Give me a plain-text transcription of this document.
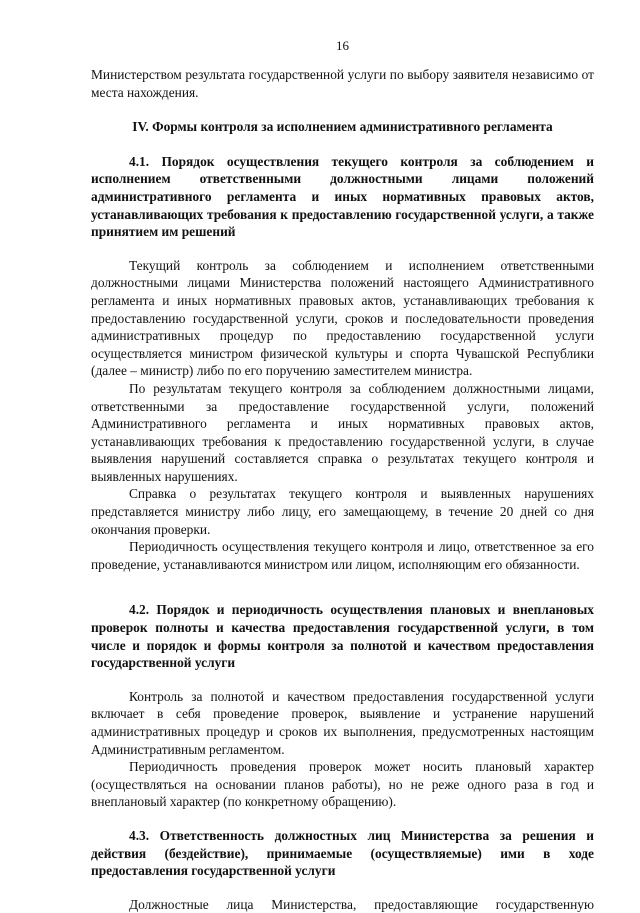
16

Министерством результата государственной услуги по выбору заявителя независимо от места нахождения.

IV. Формы контроля за исполнением административного регламента

4.1. Порядок осуществления текущего контроля за соблюдением и исполнением ответственными должностными лицами положений административного регламента и иных нормативных правовых актов, устанавливающих требования к предоставлению государственной услуги, а также принятием им решений

Текущий контроль за соблюдением и исполнением ответственными должностными лицами Министерства положений настоящего Административного регламента и иных нормативных правовых актов, устанавливающих требования к предоставлению государственной услуги, сроков и последовательности проведения административных процедур по предоставлению государственной услуги осуществляется министром физической культуры и спорта Чувашской Республики (далее – министр) либо по его поручению заместителем министра.

По результатам текущего контроля за соблюдением должностными лицами, ответственными за предоставление государственной услуги, положений Административного регламента и иных нормативных правовых актов, устанавливающих требования к предоставлению государственной услуги, в случае выявления нарушений составляется справка о результатах текущего контроля и выявленных нарушениях.

Справка о результатах текущего контроля и выявленных нарушениях представляется министру либо лицу, его замещающему, в течение 20 дней со дня окончания проверки.

Периодичность осуществления текущего контроля и лицо, ответственное за его проведение, устанавливаются министром или лицом, исполняющим его обязанности.

4.2. Порядок и периодичность осуществления плановых и внеплановых проверок полноты и качества предоставления государственной услуги, в том числе и порядок и формы контроля за полнотой и качеством предоставления государственной услуги

Контроль за полнотой и качеством предоставления государственной услуги включает в себя проведение проверок, выявление и устранение нарушений административных процедур и сроков их выполнения, предусмотренных настоящим Административным регламентом.

Периодичность проведения проверок может носить плановый характер (осуществляться на основании планов работы), но не реже одного раза в год и внеплановый характер (по конкретному обращению).

4.3. Ответственность должностных лиц Министерства за решения и действия (бездействие), принимаемые (осуществляемые) ими в ходе предоставления государственной услуги

Должностные лица Министерства, предоставляющие государственную
